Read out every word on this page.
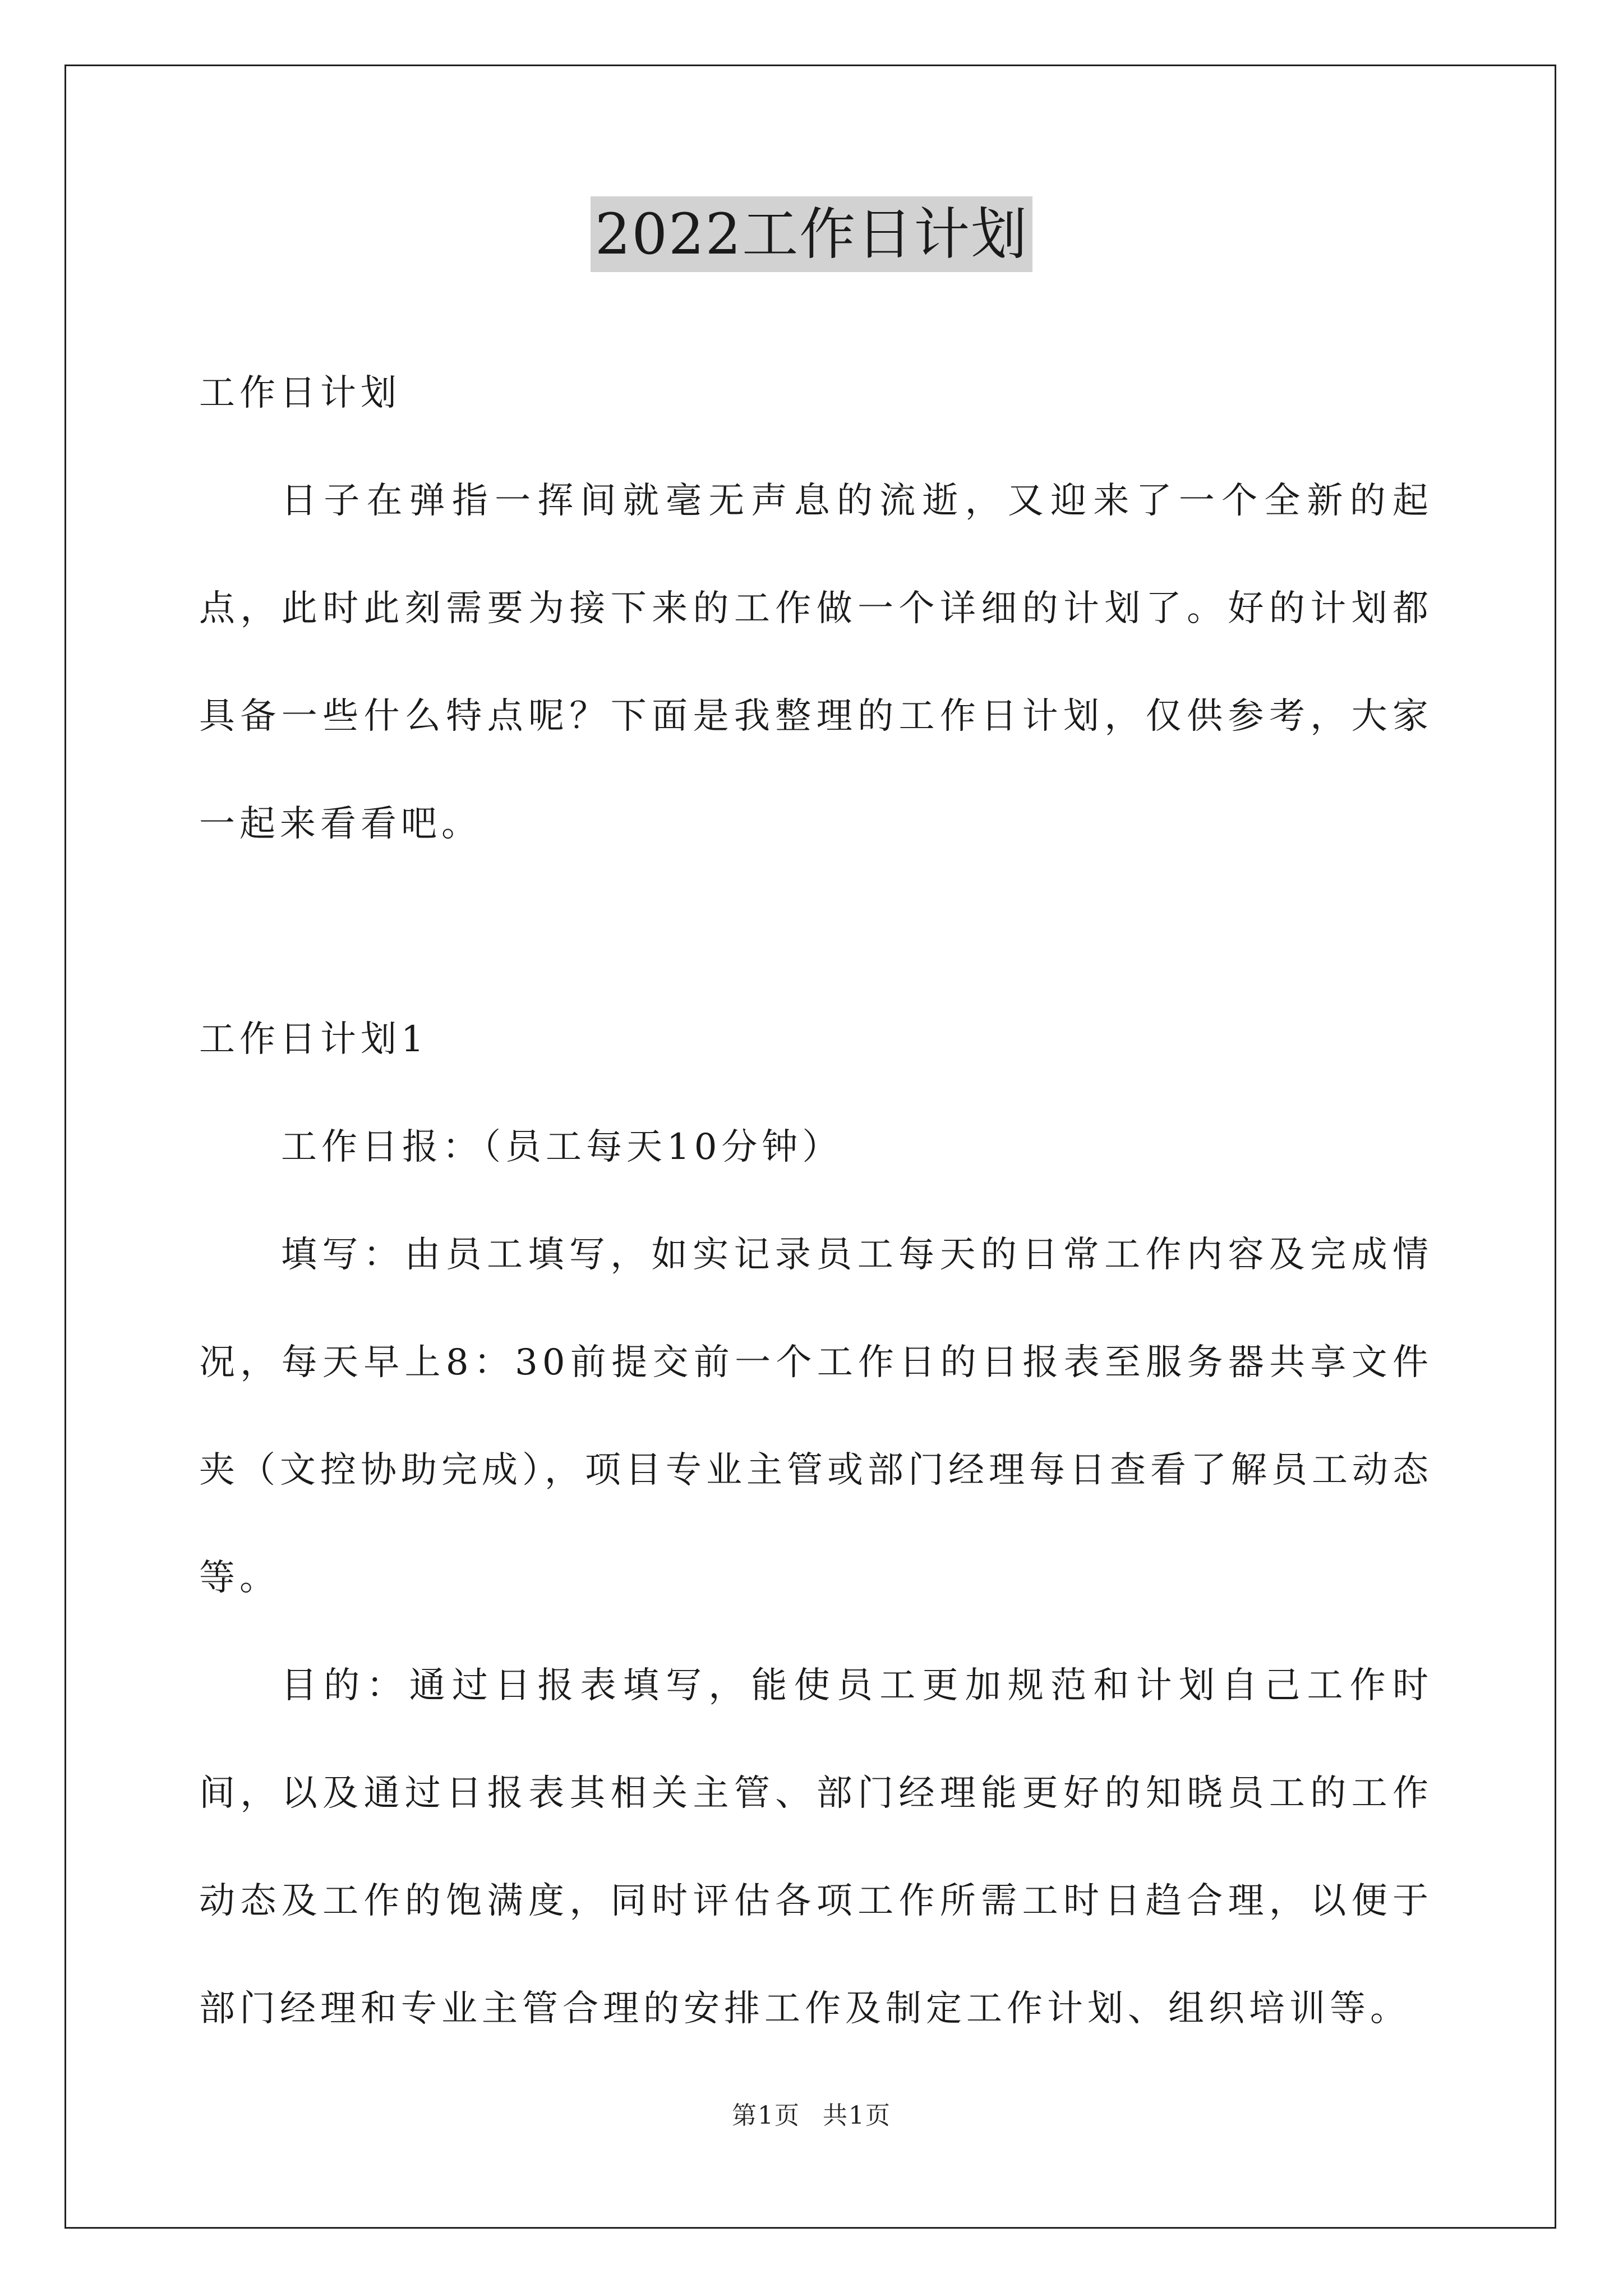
2022工作日计划

工作日计划

日子在弹指一挥间就毫无声息的流逝，又迎来了一个全新的起点，此时此刻需要为接下来的工作做一个详细的计划了。好的计划都具备一些什么特点呢？下面是我整理的工作日计划，仅供参考，大家一起来看看吧。

工作日计划1

工作日报：（员工每天10分钟）

填写：由员工填写，如实记录员工每天的日常工作内容及完成情况，每天早上8：30前提交前一个工作日的日报表至服务器共享文件夹（文控协助完成），项目专业主管或部门经理每日查看了解员工动态等。

目的：通过日报表填写，能使员工更加规范和计划自己工作时间，以及通过日报表其相关主管、部门经理能更好的知晓员工的工作动态及工作的饱满度，同时评估各项工作所需工时日趋合理，以便于部门经理和专业主管合理的安排工作及制定工作计划、组织培训等。

第1页 共1页
